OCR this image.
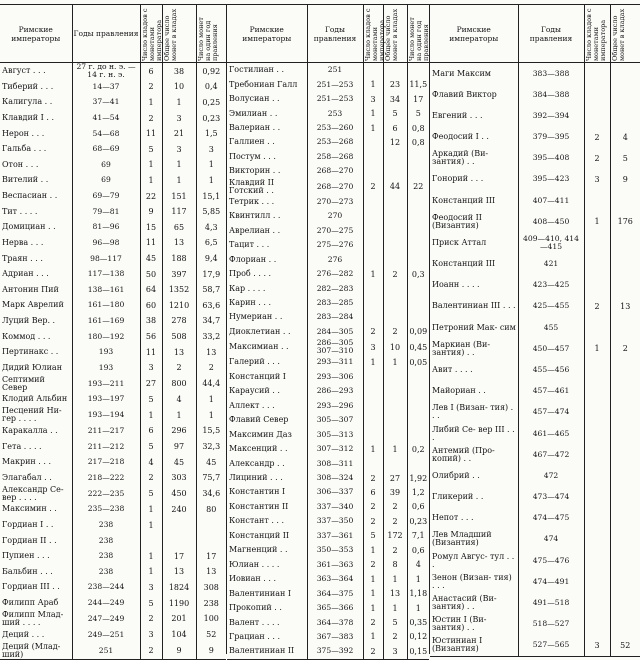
Римские императоры	Годы правления	Число кладов с монетами императора	Общее число монет в кладах	Число монет на один год правления

Август . . .	27 г. до н. э. —14 г. н. э.	6	38	0,92
Тиберий . . .	14—37	2	10	0,4
Калигула . .	37—41	1	1	0,25
Клавдий I . .	41—54	2	3	0,23
Нерон . . .	54—68	11	21	1,5
Гальба . . .	68—69	5	3	3
Отон . . .	69	1	1	1
Вителий . .	69	1	1	1
Веспасиан . .	69—79	22	151	15,1
Тит . . . .	79—81	9	117	5,85
Домициан . .	81—96	15	65	4,3
Нерва . . .	96—98	11	13	6,5
Траян . . .	98—117	45	188	9,4
Адриан . . .	117—138	50	397	17,9
Антонин Пий	138—161	64	1352	58,7
Марк Аврелий	161—180	60	1210	63,6
Луций Вер. .	161—169	38	278	34,7
Коммод . . .	180—192	56	508	33,2
Пертинакс . .	193	11	13	13
Дидий Юлиан	193	3	2	2
Септимий Север	193—211	27	800	44,4
Клодий Альбин	193—197	5	4	1
Песцений Ни- гер . . . .	193—194	1	1	1
Каракалла . .	211—217	6	296	15,5
Гета . . . .	211—212	5	97	32,3
Макрин . . .	217—218	4	45	45
Элагабал . .	218—222	2	303	75,7
Александр Се- вер . . . .	222—235	5	450	34,6
Максимин . .	235—238	1	240	80
Гордиан I . .	238	1		
Гордиан II . .	238			
Пупиен . . .	238	1	17	17
Бальбин . . .	238	1	13	13
Гордиан III . .	238—244	3	1824	308
Филипп Араб	244—249	5	1190	238
Филипп Млад- ший . . . .	247—249	2	201	100
Деций . . .	249—251	3	104	52
Деций (Млад- ший)	251	2	9	9
Римские императоры	Годы правления	Число кладов с монетами императора	Общее число монет в кладах	Число монет на один год правления

Гостилиан . .	251			
Требониан Галл	251—253	1	23	11,5
Волусиан . .	251—253	3	34	17
Эмилиан . .	253	1	5	5
Валериан . .	253—260	1	6	0,8
Галлиен . .	253—268		12	0,8
Постум . . .	258—268			
Викторин . .	268—270			
Клавдий II Готский . .	268—270	2	44	22
Тетрик . . .	270—273			
Квинтилл . .	270			
Аврелиан . .	270—275			
Тацит . . .	275—276			
Флориан . .	276			
Проб . . . .	276—282	1	2	0,3
Кар . . . .	282—283			
Карин . . .	283—285			
Нумериан . .	283—284			
Диоклетиан . .	284—305	2	2	0,09
Максимиан . .	286—305 307—310	3	10	0,45
Галерий . . .	293—311	1	1	0,05
Констанций I	293—306			
Караусий . .	286—293			
Аллект . . .	293—296			
Флавий Север	305—307			
Максимин Даз	305—313			
Максенций . .	307—312	1	1	0,2
Александр . .	308—311			
Лициний . . .	308—324	2	27	1,92
Константин I	306—337	6	39	1,2
Константин II	337—340	2	2	0,6
Констант . . .	337—350	2	2	0,23
Констанций II	337—361	5	172	7,1
Магненций . .	350—353	1	2	0,6
Юлиан . . . .	361—363	2	8	4
Иовиан . . .	363—364	1	1	1
Валентиниан I	364—375	1	13	1,18
Прокопий . .	365—366	1	1	1
Валент . . . .	364—378	2	5	0,35
Грациан . . .	367—383	1	2	0,12
Валентиниан II	375—392	2	3	0,15
Римские императоры	Годы правления	Число кладов с монетами императора	Общее число монет в кладах

Маги Максим	383—388		
Флавий Виктор	384—388		
Евгений . . .	392—394		
Феодосий I . .	379—395	2	4
Аркадий (Ви- зантия) . .	395—408	2	5
Гонорий . . .	395—423	3	9
Констанций III	407—411		
Феодосий II (Византия)	408—450	1	176
Приск Аттал	409—410, 414—415		
Констанций III	421		
Иоанн . . . .	423—425		
Валентиниан III . . .	425—455	2	13
Петроний Мак- сим	455		
Маркиан (Ви- зантия) . .	450—457	1	2
Авит . . . .	455—456		
Майориан . .	457—461		
Лев I (Визан- тия) . . .	457—474		
Либий Се- вер III . . .	461—465		
Антемий (Про- копий) . .	467—472		
Олибрий . .	472		
Гликерий . .	473—474		
Непот . . .	474—475		
Лев Младший (Византия)	474		
Ромул Авгус- тул . . .	475—476		
Зенон (Визан- тия) . . .	474—491		
Анастасий (Ви- зантия) . .	491—518		
Юстин I (Ви- зантия) . .	518—527		
Юстиниан I (Византия)	527—565	3	52
